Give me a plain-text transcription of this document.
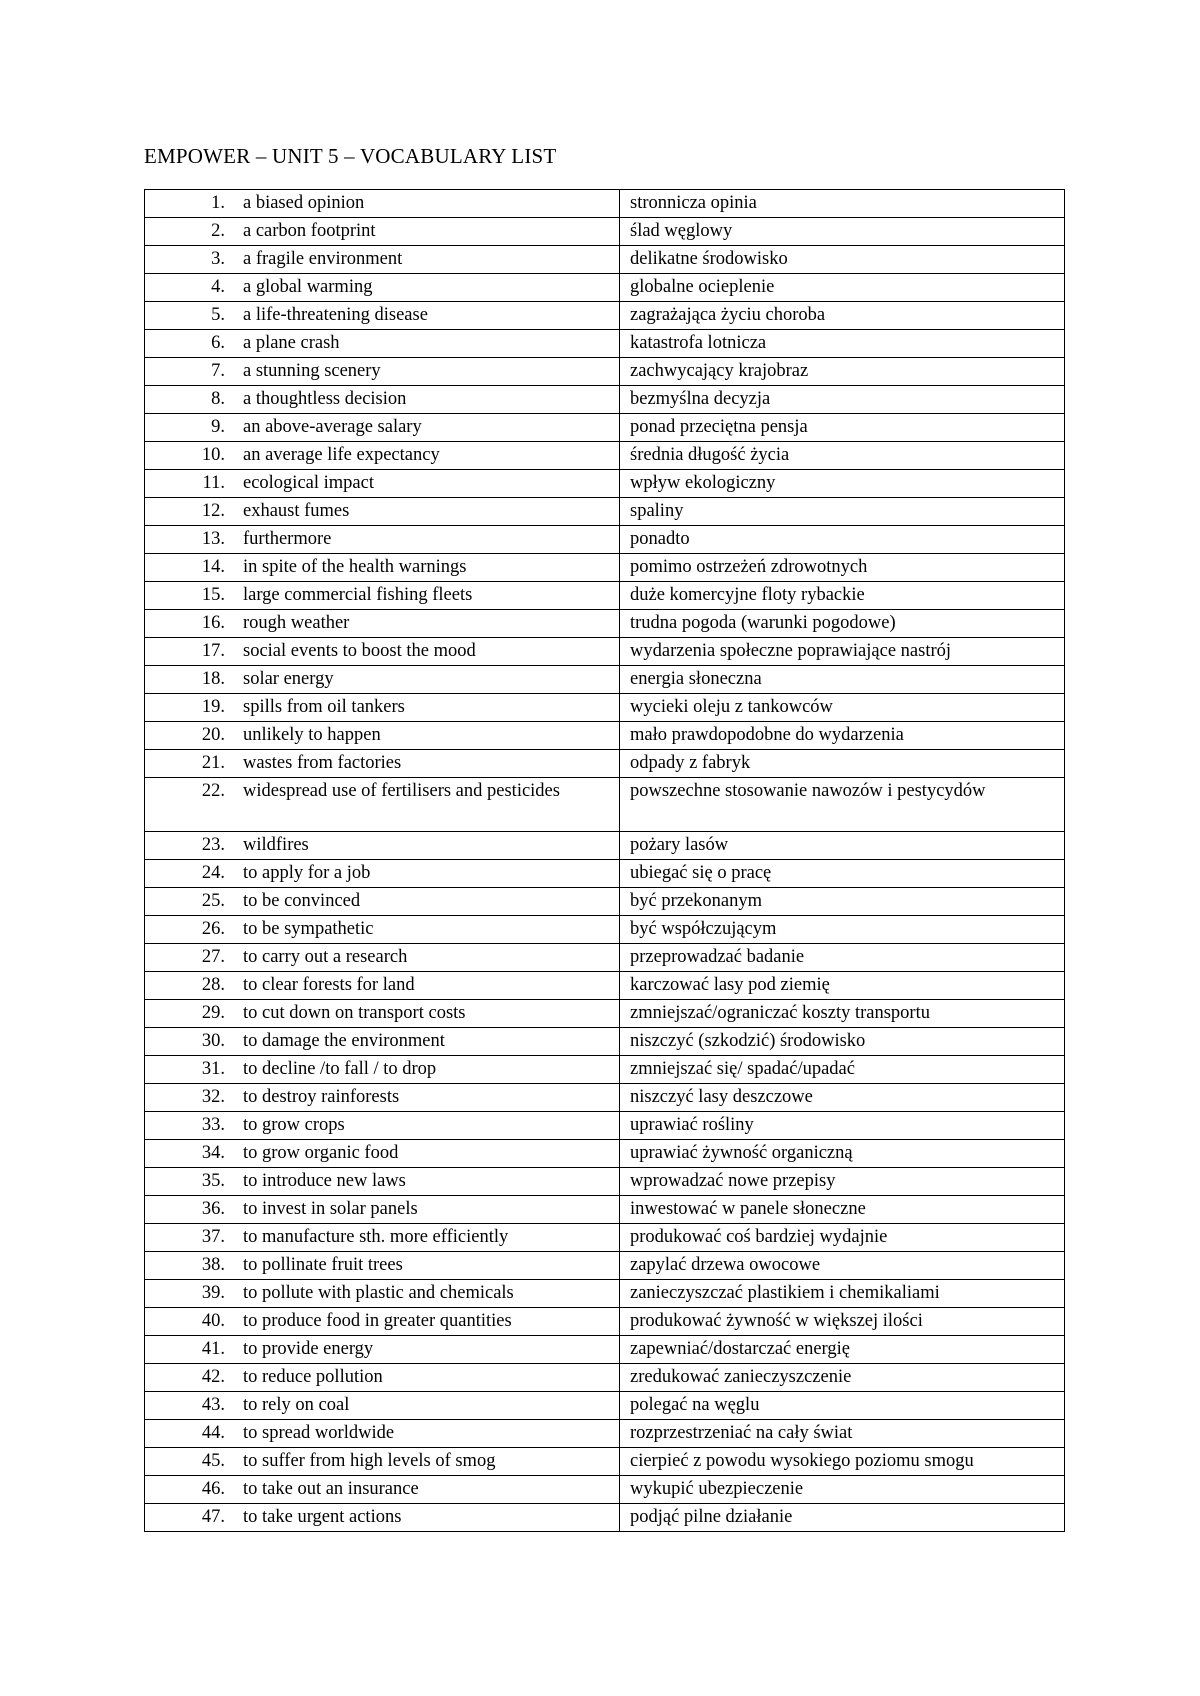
EMPOWER – UNIT 5 – VOCABULARY LIST
1. a biased opinion	stronnicza opinia

2. a carbon footprint	ślad węglowy

3. a fragile environment	delikatne środowisko

4. a global warming	globalne ocieplenie

5. a life-threatening disease	zagrażająca życiu choroba

6. a plane crash	katastrofa lotnicza

7. a stunning scenery	zachwycający krajobraz

8. a thoughtless decision	bezmyślna decyzja

9. an above-average salary	ponad przeciętna pensja

10. an average life expectancy	średnia długość życia

11. ecological impact	wpływ ekologiczny

12. exhaust fumes	spaliny

13. furthermore	ponadto

14. in spite of the health warnings	pomimo ostrzeżeń zdrowotnych

15. large commercial fishing fleets	duże komercyjne floty rybackie

16. rough weather	trudna pogoda (warunki pogodowe)

17. social events to boost the mood	wydarzenia społeczne poprawiające nastrój

18. solar energy	energia słoneczna

19. spills from oil tankers	wycieki oleju z tankowców

20. unlikely to happen	mało prawdopodobne do wydarzenia

21. wastes from factories	odpady z fabryk

22. widespread use of fertilisers and pesticides	powszechne stosowanie nawozów i pestycydów

23. wildfires	pożary lasów

24. to apply for a job	ubiegać się o pracę

25. to be convinced	być przekonanym

26. to be sympathetic	być współczującym

27. to carry out a research	przeprowadzać badanie

28. to clear forests for land	karczować lasy pod ziemię

29. to cut down on transport costs	zmniejszać/ograniczać koszty transportu

30. to damage the environment	niszczyć (szkodzić) środowisko

31. to decline /to fall / to drop	zmniejszać się/ spadać/upadać

32. to destroy rainforests	niszczyć lasy deszczowe

33. to grow crops	uprawiać rośliny

34. to grow organic food	uprawiać żywność organiczną

35. to introduce new laws	wprowadzać nowe przepisy

36. to invest in solar panels	inwestować w panele słoneczne

37. to manufacture sth. more efficiently	produkować coś bardziej wydajnie

38. to pollinate fruit trees	zapylać drzewa owocowe

39. to pollute with plastic and chemicals	zanieczyszczać plastikiem i chemikaliami

40. to produce food in greater quantities	produkować żywność w większej ilości

41. to provide energy	zapewniać/dostarczać energię

42. to reduce pollution	zredukować zanieczyszczenie

43. to rely on coal	polegać na węglu

44. to spread worldwide	rozprzestrzeniać na cały świat

45. to suffer from high levels of smog	cierpieć z powodu wysokiego poziomu smogu

46. to take out an insurance	wykupić ubezpieczenie

47. to take urgent actions	podjąć pilne działanie
